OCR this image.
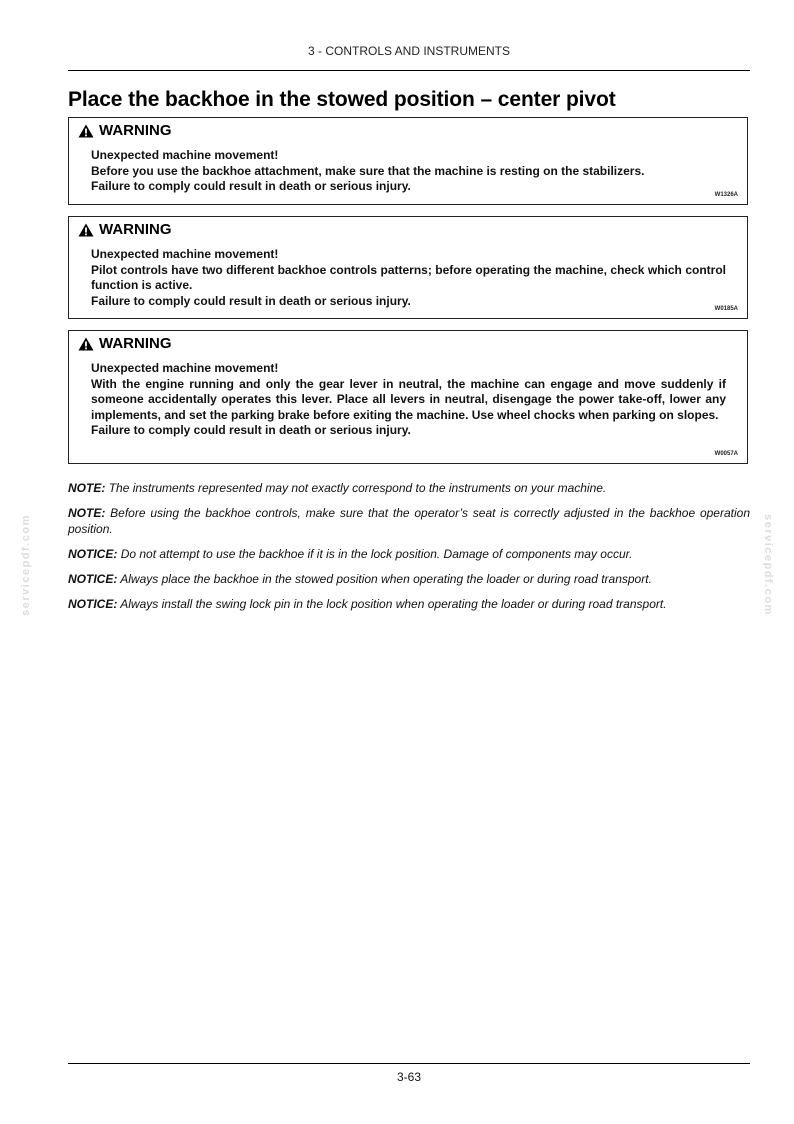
3 - CONTROLS AND INSTRUMENTS
Place the backhoe in the stowed position – center pivot
WARNING
Unexpected machine movement!
Before you use the backhoe attachment, make sure that the machine is resting on the stabilizers.
Failure to comply could result in death or serious injury.
W1326A
WARNING
Unexpected machine movement!
Pilot controls have two different backhoe controls patterns; before operating the machine, check which control function is active.
Failure to comply could result in death or serious injury.
W0185A
WARNING
Unexpected machine movement!
With the engine running and only the gear lever in neutral, the machine can engage and move suddenly if someone accidentally operates this lever. Place all levers in neutral, disengage the power take-off, lower any implements, and set the parking brake before exiting the machine. Use wheel chocks when parking on slopes.
Failure to comply could result in death or serious injury.
W0057A

NOTE: The instruments represented may not exactly correspond to the instruments on your machine.

NOTE: Before using the backhoe controls, make sure that the operator’s seat is correctly adjusted in the backhoe operation position.

NOTICE: Do not attempt to use the backhoe if it is in the lock position. Damage of components may occur.

NOTICE: Always place the backhoe in the stowed position when operating the loader or during road transport.

NOTICE: Always install the swing lock pin in the lock position when operating the loader or during road transport.

servicepdf.com	servicepdf.com
3-63
